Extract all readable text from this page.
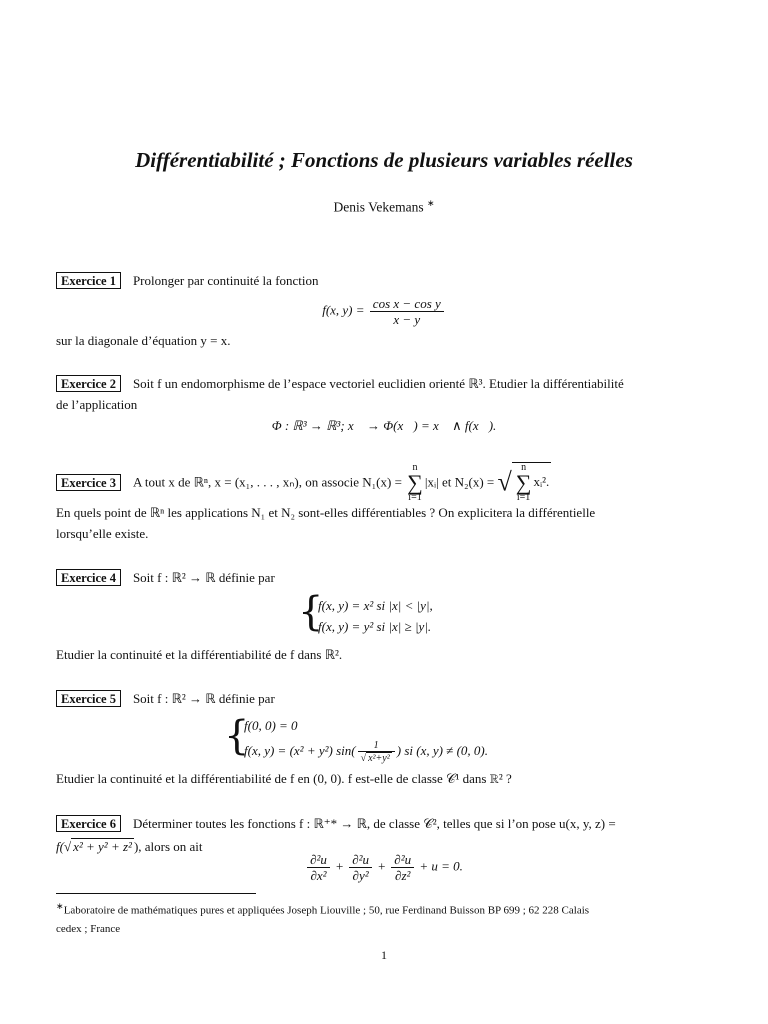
Différentiabilité ; Fonctions de plusieurs variables réelles
Denis Vekemans ∗
Exercice 1 Prolonger par continuité la fonction
f(x, $y) = \frac{\text{cos x − cos y}}{x - y}$
sur la diagonale d’équation y = x.
Exercice 2 Soit f un endomorphisme de l’espace vectoriel euclidien orienté ℝ³. Etudier la différentiabilité
de l’application
Φ : ℝ³ → ℝ³; x⃗ → Φ(x⃗) = x⃗ ∧ f(x⃗).
Exercice 3 A tout x de ℝⁿ, x = (x₁, . . . , xₙ), on associe N₁(x) = n
∑
i=1|xᵢ| et N₂(x) = √ n
∑
i=1xᵢ².
En quels point de ℝⁿ les applications N₁ et N₂ sont-elles différentiables ? On explicitera la différentielle
lorsqu’elle existe.
Exercice 4 Soit f : ℝ² → ℝ définie par
{
f(x, y) = x² si |x| < |y|,
f(x, y) = y² si |x| ≥ |y|.
Etudier la continuité et la différentiabilité de f dans ℝ².
Exercice 5 Soit f : ℝ² → ℝ définie par
{
f(0, 0) = 0
f(x, y) = (x² + y²) $\sin( \frac{1}{\text{√ x²+y²}}$ ) si (x, y) ≠ (0, 0).
Etudier la continuité et la différentiabilité de f en (0, 0). f est-elle de classe 𝒞¹ dans ℝ² ?
Exercice 6 Déterminer toutes les fonctions f : ℝ⁺* → ℝ, de classe 𝒞², telles que si l’on pose u(x, y, z) =
f(√ x² + y² + z² ), alors on ait
$\frac{\text{∂²u}}{\text{∂x²}} + \frac{\text{∂²u}}{\text{∂y²}} + \frac{\text{∂²u}}{\text{∂z²}} + u = 0$.
∗Laboratoire de mathématiques pures et appliquées Joseph Liouville ; 50, rue Ferdinand Buisson BP 699 ; 62 228 Calais
cedex ; France
1
